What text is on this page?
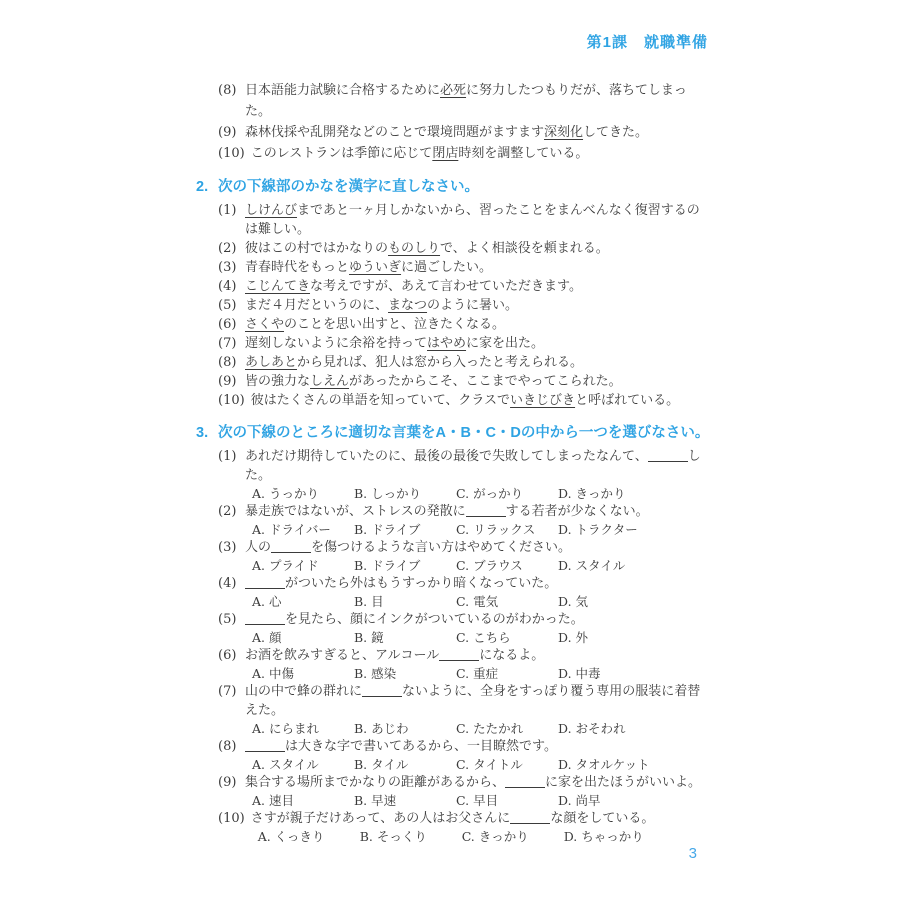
第1課　就職準備
(8) 日本語能力試験に合格するために必死に努力したつもりだが、落ちてしまった。
(9) 森林伐採や乱開発などのことで環境問題がますます深刻化してきた。
(10) このレストランは季節に応じて閉店時刻を調整している。
2. 次の下線部のかなを漢字に直しなさい。
(1) しけんびまであと一ヶ月しかないから、習ったことをまんべんなく復習するの
は難しい。
(2) 彼はこの村ではかなりのものしりで、よく相談役を頼まれる。
(3) 青春時代をもっとゆういぎに過ごしたい。
(4) こじんてきな考えですが、あえて言わせていただきます。
(5) まだ４月だというのに、まなつのように暑い。
(6) さくやのことを思い出すと、泣きたくなる。
(7) 遅刻しないように余裕を持ってはやめに家を出た。
(8) あしあとから見れば、犯人は窓から入ったと考えられる。
(9) 皆の強力なしえんがあったからこそ、ここまでやってこられた。
(10) 彼はたくさんの単語を知っていて、クラスでいきじびきと呼ばれている。
3. 次の下線のところに適切な言葉をA・B・C・Dの中から一つを選びなさい。
(1) あれだけ期待していたのに、最後の最後で失敗してしまったなんて、	し
た。
A. うっかり	B. しっかり	C. がっかり	D. きっかり
(2) 暴走族ではないが、ストレスの発散に	する若者が少なくない。
A. ドライバー	B. ドライブ	C. リラックス	D. トラクター
(3) 人の	を傷つけるような言い方はやめてください。
A. プライド	B. ドライブ	C. ブラウス	D. スタイル
(4)	がついたら外はもうすっかり暗くなっていた。
A. 心	B. 目	C. 電気	D. 気
(5)	を見たら、顔にインクがついているのがわかった。
A. 顔	B. 鏡	C. こちら	D. 外
(6) お酒を飲みすぎると、アルコール	になるよ。
A. 中傷	B. 感染	C. 重症	D. 中毒
(7) 山の中で蜂の群れに	ないように、全身をすっぽり覆う専用の服装に着替
えた。
A. にらまれ	B. あじわ	C. たたかれ	D. おそわれ
(8)	は大きな字で書いてあるから、一目瞭然です。
A. スタイル	B. タイル	C. タイトル	D. タオルケット
(9) 集合する場所までかなりの距離があるから、	に家を出たほうがいいよ。
A. 速目	B. 早速	C. 早目	D. 尚早
(10) さすが親子だけあって、あの人はお父さんに	な顔をしている。
A. くっきり	B. そっくり	C. きっかり	D. ちゃっかり
3
